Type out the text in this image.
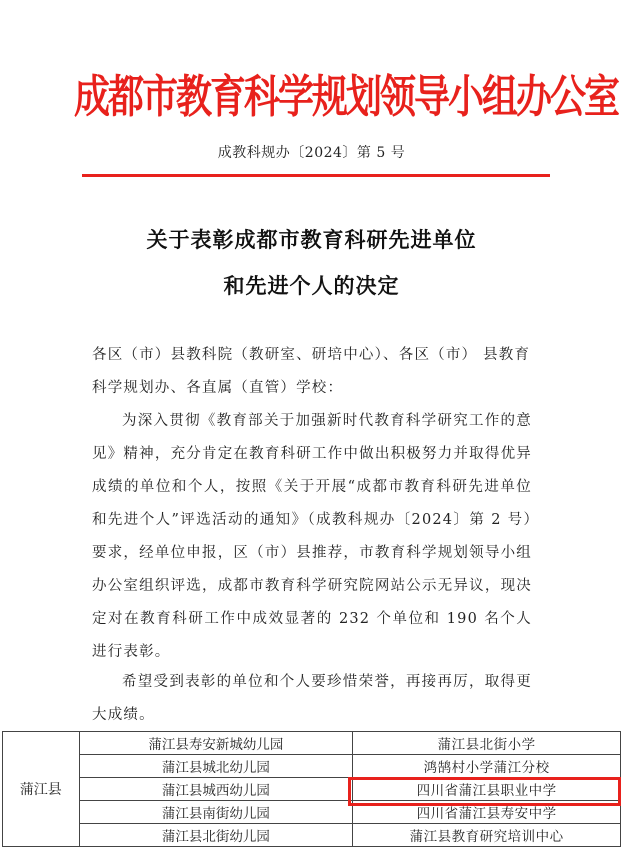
成都市教育科学规划领导小组办公室
成教科规办〔2024〕第 5 号
关于表彰成都市教育科研先进单位
和先进个人的决定
各区（市）县教科院（教研室、研培中心）、各区（市） 县教育科学规划办、各直属（直管）学校：
为深入贯彻《教育部关于加强新时代教育科学研究工作的意见》精神，充分肯定在教育科研工作中做出积极努力并取得优异成绩的单位和个人，按照《关于开展“成都市教育科研先进单位和先进个人”评选活动的通知》（成教科规办〔2024〕第 2 号）要求，经单位申报，区（市）县推荐，市教育科学规划领导小组办公室组织评选，成都市教育科学研究院网站公示无异议，现决定对在教育科研工作中成效显著的 232 个单位和 190 名个人进行表彰。
希望受到表彰的单位和个人要珍惜荣誉，再接再厉，取得更大成绩。
蒲江县	蒲江县寿安新城幼儿园	蒲江县北街小学
	蒲江县城北幼儿园	鸿鹄村小学蒲江分校
	蒲江县城西幼儿园	四川省蒲江县职业中学
	蒲江县南街幼儿园	四川省蒲江县寿安中学
	蒲江县北街幼儿园	蒲江县教育研究培训中心
